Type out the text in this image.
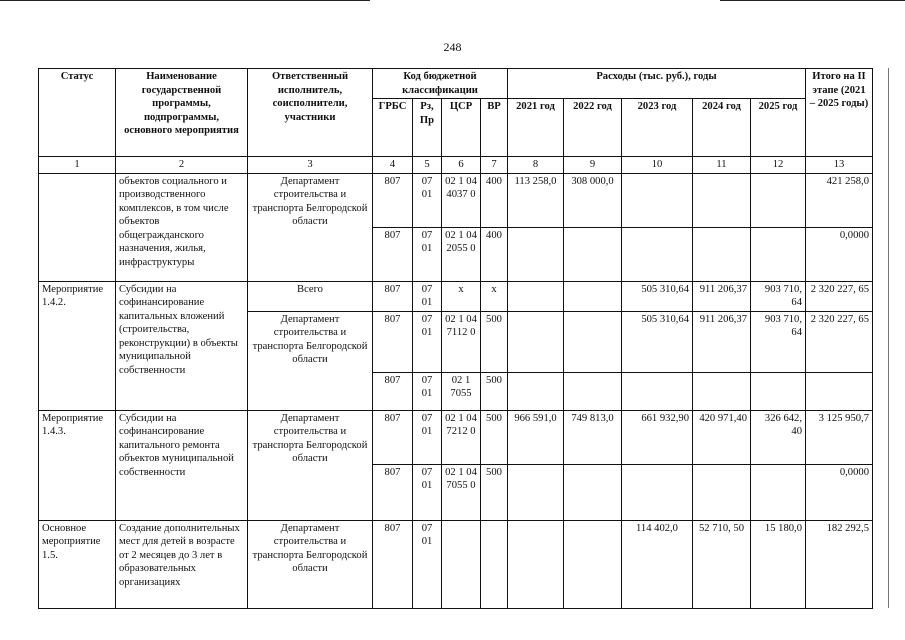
248
Статус	Наименование государственной программы, подпрограммы, основного мероприятия	Ответственный исполнитель, соисполнители, участники	Код бюджетной классификации				Расходы (тыс. руб.), годы					Итого на II этапе (2021 – 2025 годы)
			ГРБС	Рз, Пр	ЦСР	ВР	2021 год	2022 год	2023 год	2024 год	2025 год	
1	2	3	4	5	6	7	8	9	10	11	12	13
	объектов социального и производственного комплексов, в том числе объектов общегражданского назначения, жилья, инфраструктуры	Департамент строительства и транспорта Белгородской области	807	07 01	02 1 04 4037 0	400	113 258,0	308 000,0				421 258,0
			807	07 01	02 1 04 2055 0	400						0,0000
Мероприятие 1.4.2.	Субсидии на софинансирование капитальных вложений (строительства, реконструкции) в объекты муниципальной собственности	Всего	807	07 01	х	х			505 310,64	911 206,37	903 710, 64	2 320 227, 65
		Департамент строительства и транспорта Белгородской области	807	07 01	02 1 04 7112 0	500			505 310,64	911 206,37	903 710, 64	2 320 227, 65
			807	07 01	02 1 7055	500						
Мероприятие 1.4.3.	Субсидии на софинансирование капитального ремонта объектов муниципальной собственности	Департамент строительства и транспорта Белгородской области	807	07 01	02 1 04 7212 0	500	966 591,0	749 813,0	661 932,90	420 971,40	326 642, 40	3 125 950,7
			807	07 01	02 1 04 7055 0	500						0,0000
Основное мероприятие 1.5.	Создание дополнительных мест для детей в возрасте от 2 месяцев до 3 лет в образовательных организациях	Департамент строительства и транспорта Белгородской области	807	07 01					114 402,0	52 710, 50	15 180,0	182 292,5
